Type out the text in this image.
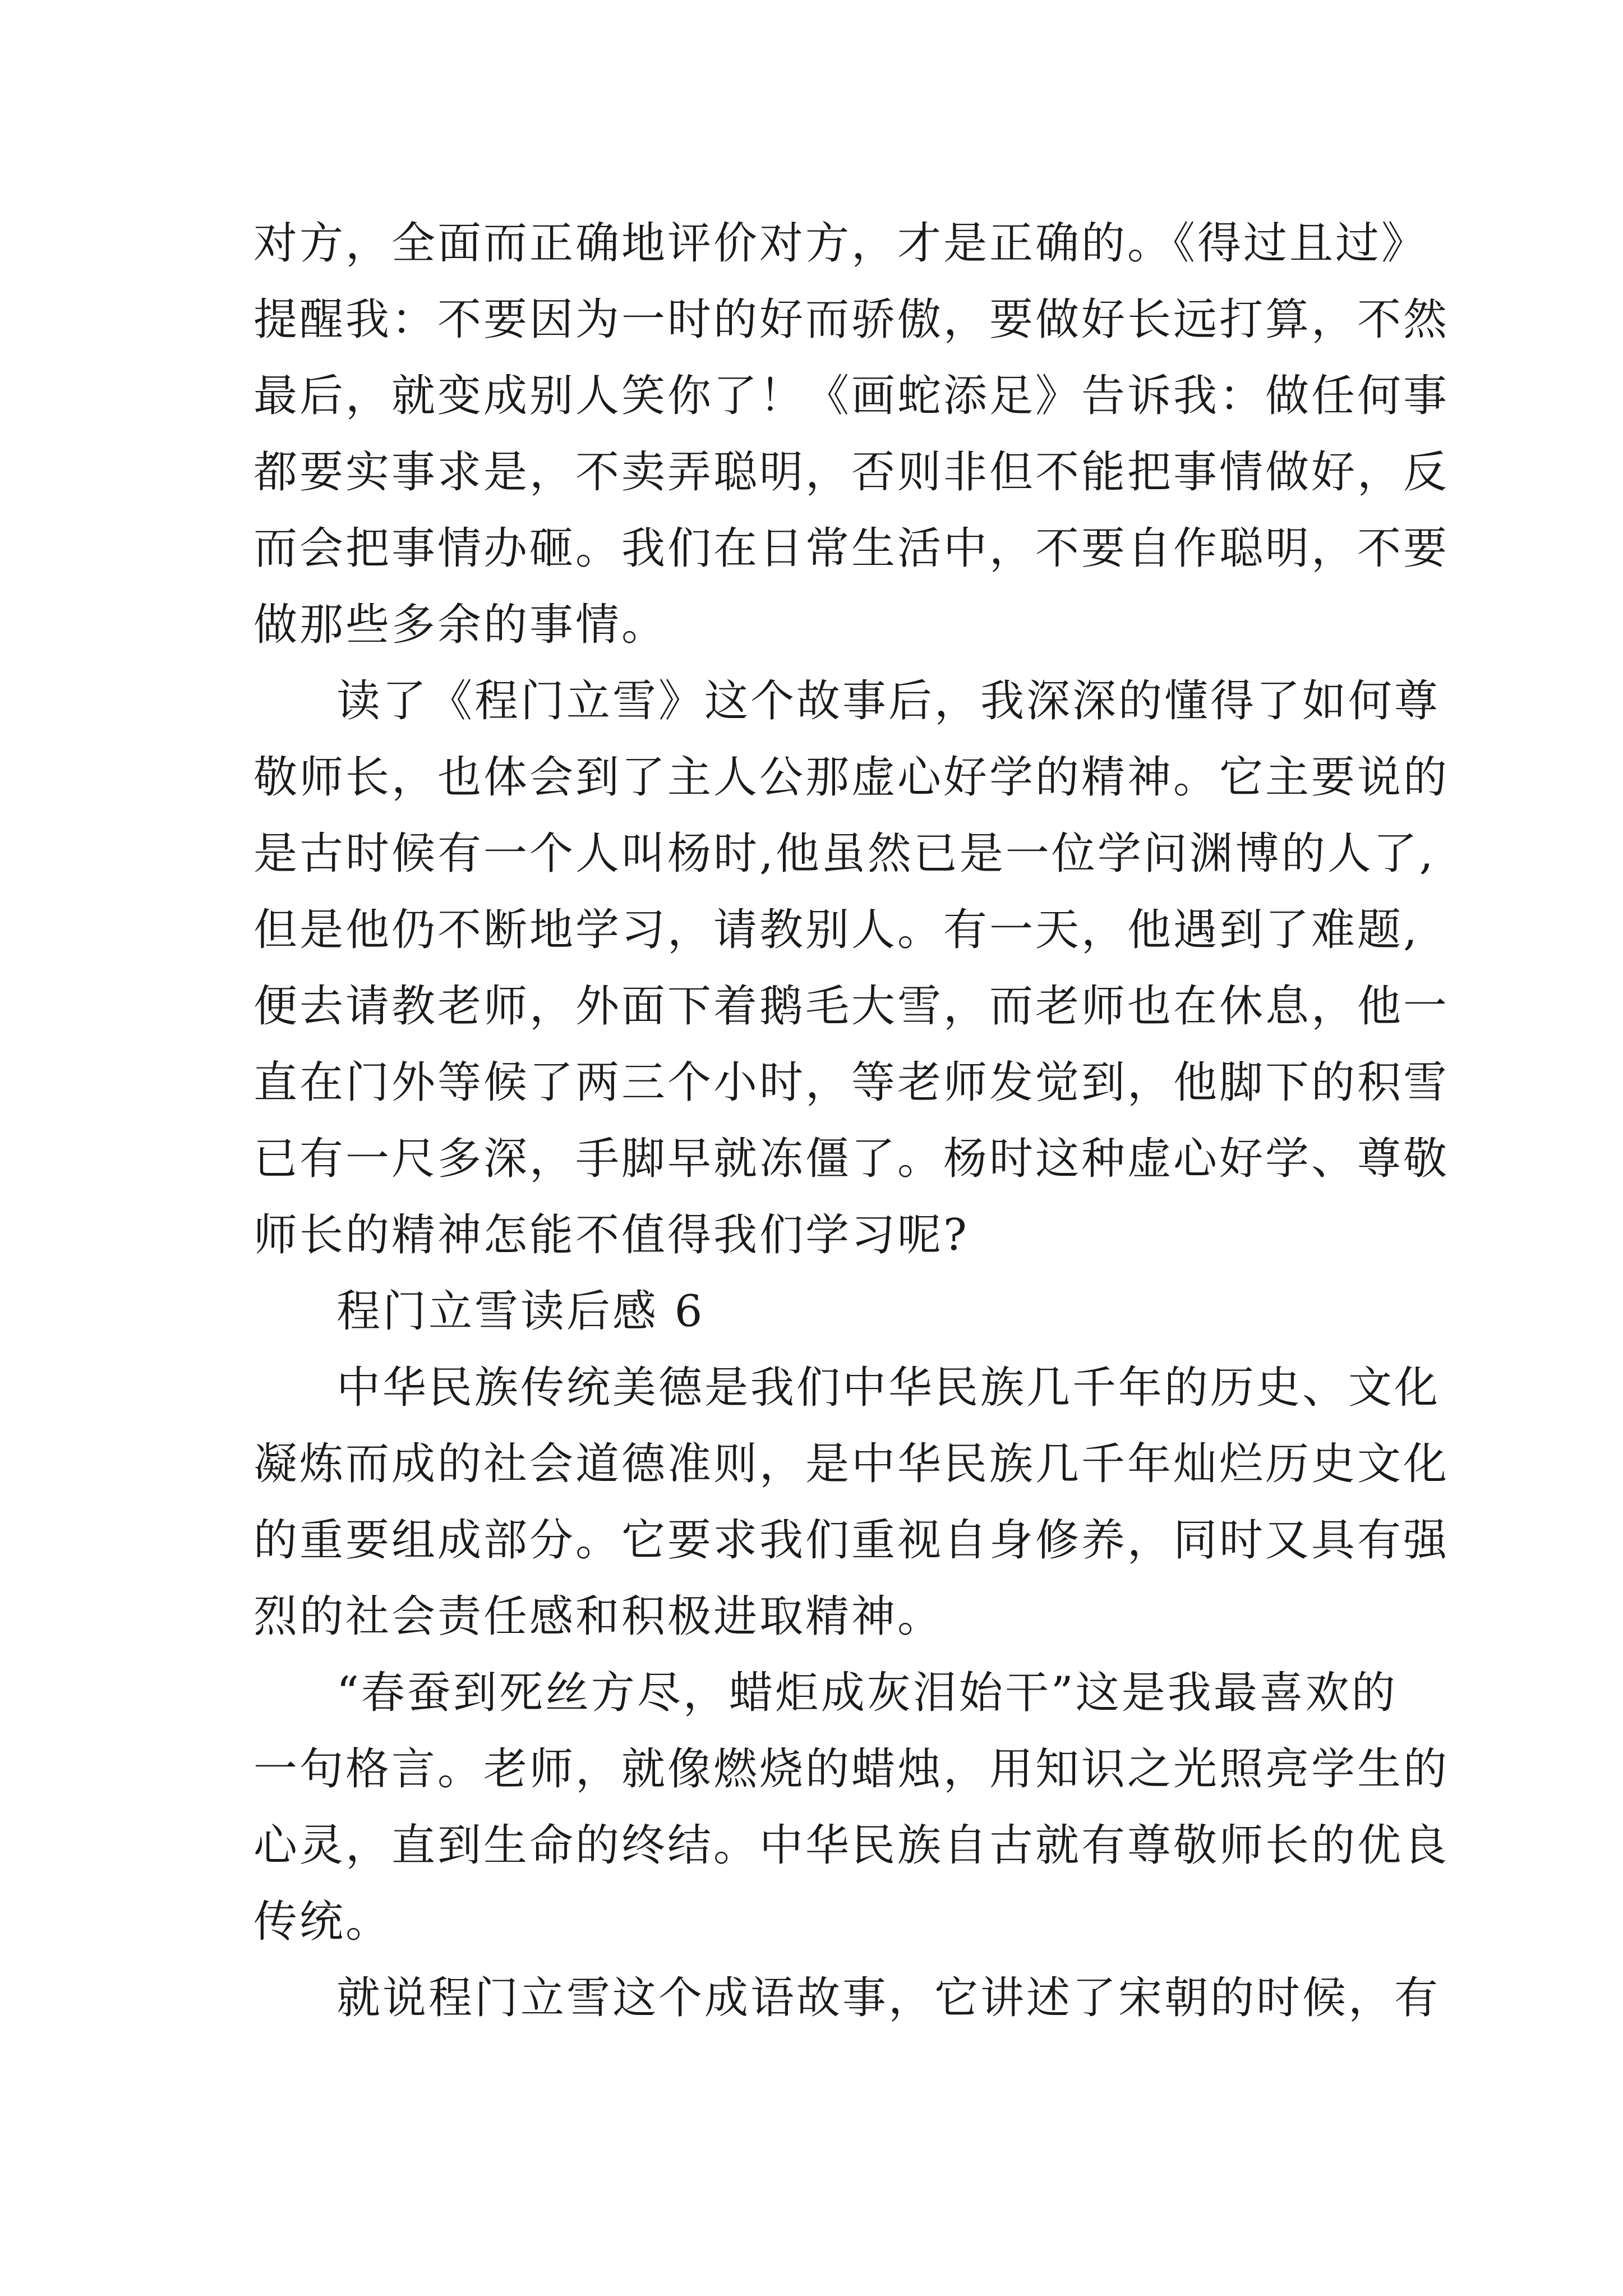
对方，全面而正确地评价对方，才是正确的。《得过且过》
提醒我：不要因为一时的好而骄傲，要做好长远打算，不然
最后，就变成别人笑你了！《画蛇添足》告诉我：做任何事
都要实事求是，不卖弄聪明，否则非但不能把事情做好，反
而会把事情办砸。我们在日常生活中，不要自作聪明，不要
做那些多余的事情。
读了《程门立雪》这个故事后，我深深的懂得了如何尊
敬师长，也体会到了主人公那虚心好学的精神。它主要说的
是古时候有一个人叫杨时,他虽然已是一位学问渊博的人了,
但是他仍不断地学习，请教别人。有一天，他遇到了难题,
便去请教老师，外面下着鹅毛大雪，而老师也在休息，他一
直在门外等候了两三个小时，等老师发觉到，他脚下的积雪
已有一尺多深，手脚早就冻僵了。杨时这种虚心好学、尊敬
师长的精神怎能不值得我们学习呢?
程门立雪读后感 6
中华民族传统美德是我们中华民族几千年的历史、文化
凝炼而成的社会道德准则，是中华民族几千年灿烂历史文化
的重要组成部分。它要求我们重视自身修养，同时又具有强
烈的社会责任感和积极进取精神。
“春蚕到死丝方尽，蜡炬成灰泪始干”这是我最喜欢的
一句格言。老师，就像燃烧的蜡烛，用知识之光照亮学生的
心灵，直到生命的终结。中华民族自古就有尊敬师长的优良
传统。
就说程门立雪这个成语故事，它讲述了宋朝的时候，有
